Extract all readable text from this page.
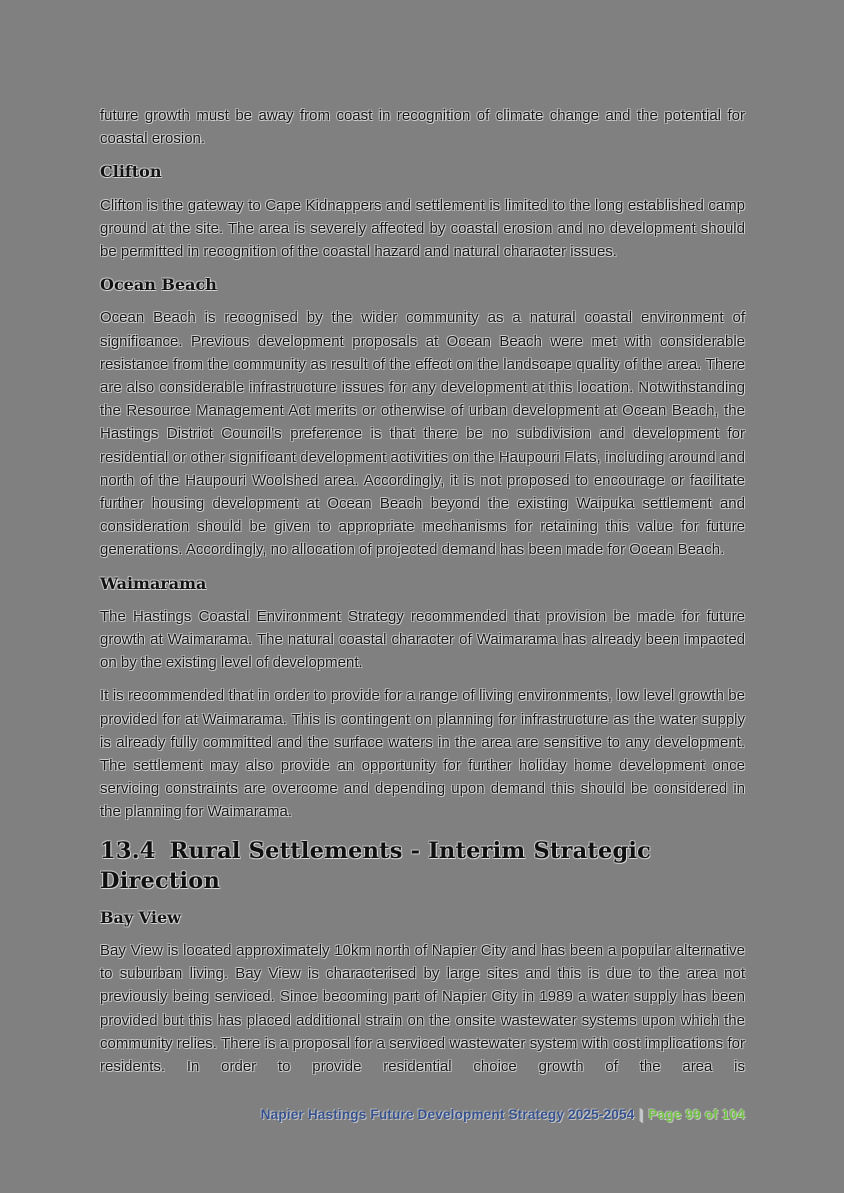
future growth must be away from coast in recognition of climate change and the potential for coastal erosion.

Clifton

Clifton is the gateway to Cape Kidnappers and settlement is limited to the long established camp ground at the site. The area is severely affected by coastal erosion and no development should be permitted in recognition of the coastal hazard and natural character issues.

Ocean Beach

Ocean Beach is recognised by the wider community as a natural coastal environment of significance. Previous development proposals at Ocean Beach were met with considerable resistance from the community as result of the effect on the landscape quality of the area. There are also considerable infrastructure issues for any development at this location. Notwithstanding the Resource Management Act merits or otherwise of urban development at Ocean Beach, the Hastings District Council's preference is that there be no subdivision and development for residential or other significant development activities on the Haupouri Flats, including around and north of the Haupouri Woolshed area. Accordingly, it is not proposed to encourage or facilitate further housing development at Ocean Beach beyond the existing Waipuka settlement and consideration should be given to appropriate mechanisms for retaining this value for future generations. Accordingly, no allocation of projected demand has been made for Ocean Beach.

Waimarama

The Hastings Coastal Environment Strategy recommended that provision be made for future growth at Waimarama. The natural coastal character of Waimarama has already been impacted on by the existing level of development.

It is recommended that in order to provide for a range of living environments, low level growth be provided for at Waimarama. This is contingent on planning for infrastructure as the water supply is already fully committed and the surface waters in the area are sensitive to any development. The settlement may also provide an opportunity for further holiday home development once servicing constraints are overcome and depending upon demand this should be considered in the planning for Waimarama.

13.4 Rural Settlements - Interim Strategic Direction
Bay View

Bay View is located approximately 10km north of Napier City and has been a popular alternative to suburban living. Bay View is characterised by large sites and this is due to the area not previously being serviced. Since becoming part of Napier City in 1989 a water supply has been provided but this has placed additional strain on the onsite wastewater systems upon which the community relies. There is a proposal for a serviced wastewater system with cost implications for residents. In order to provide residential choice growth of the area is

Napier Hastings Future Development Strategy 2025-2054 | Page 99 of 104
